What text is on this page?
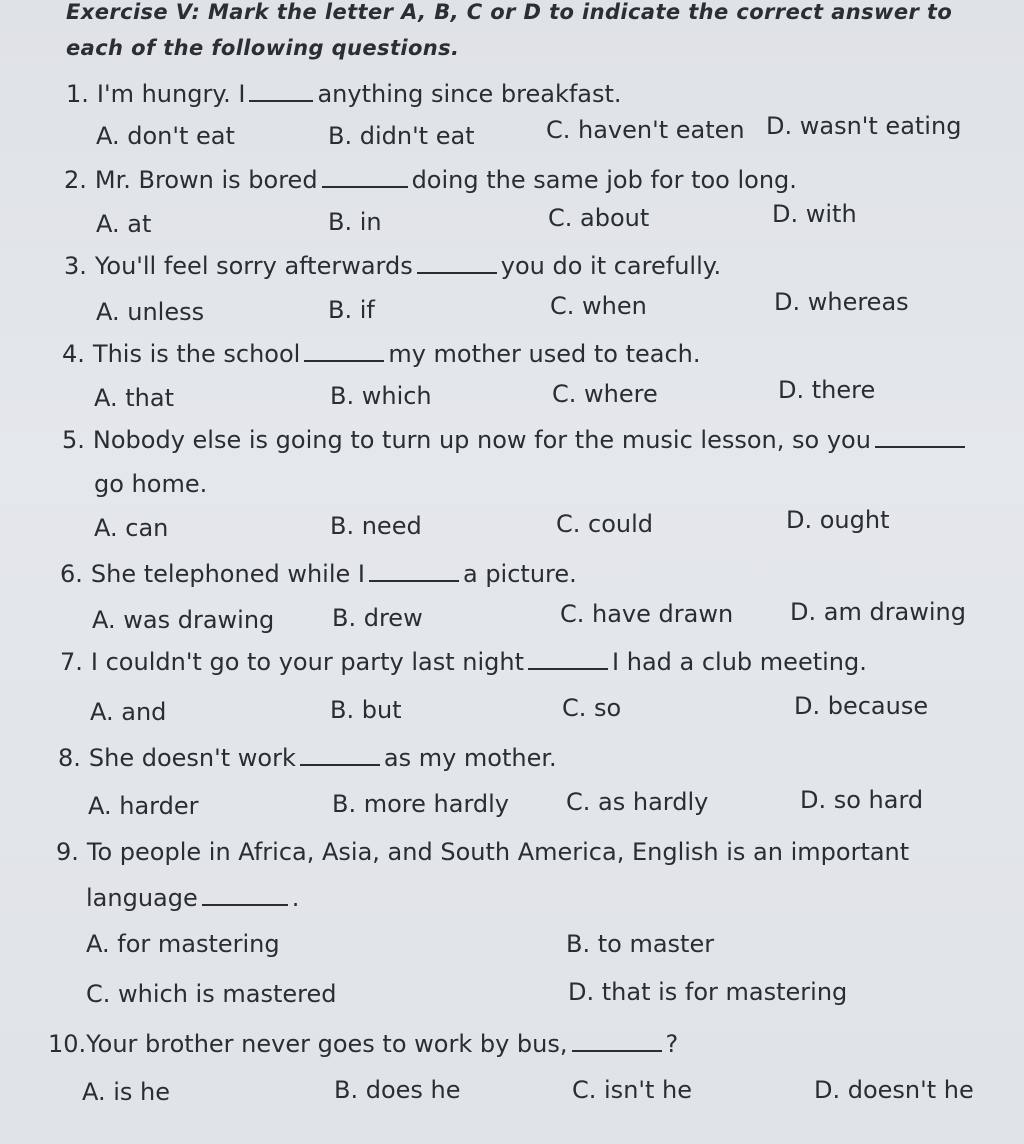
Exercise V: Mark the letter A, B, C or D to indicate the correct answer to
each of the following questions.
1. I'm hungry. I	anything since breakfast.
A. don't eat	B. didn't eat	C. haven't eaten D. wasn't eating
2. Mr. Brown is bored	doing the same job for too long.
A. at	B. in	C. about	D. with
3. You'll feel sorry afterwards	you do it carefully.
A. unless	B. if	C. when	D. whereas
4. This is the school	my mother used to teach.
A. that	B. which	C. where	D. there
5. Nobody else is going to turn up now for the music lesson, so you
go home.
A. can	B. need	C. could	D. ought
6. She telephoned while I	a picture.
A. was drawing B. drew	C. have drawn D. am drawing
7. I couldn't go to your party last night	I had a club meeting.
A. and	B. but	C. so	D. because
8. She doesn't work	as my mother.
A. harder	B. more hardly C. as hardly	D. so hard
9. To people in Africa, Asia, and South America, English is an important
language	.
A. for mastering	B. to master
C. which is mastered	D. that is for mastering
10.Your brother never goes to work by bus,	?
A. is he	B. does he	C. isn't he	D. doesn't he
